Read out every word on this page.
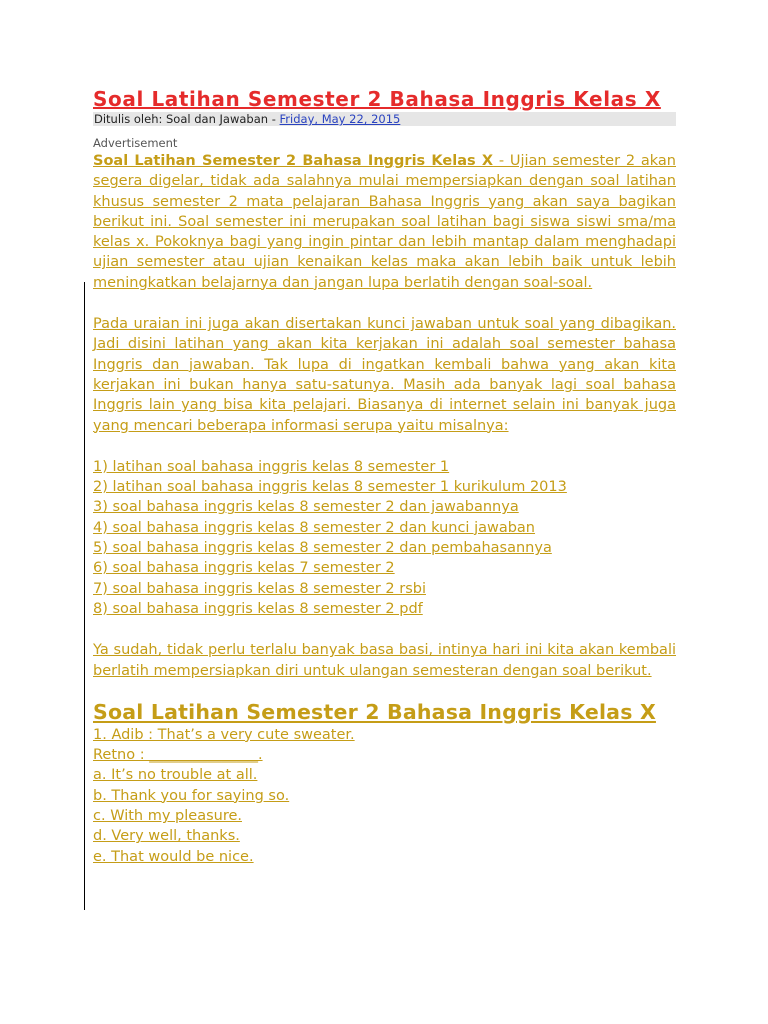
Soal Latihan Semester 2 Bahasa Inggris Kelas X
Ditulis oleh: Soal dan Jawaban - Friday, May 22, 2015
Advertisement

Soal Latihan Semester 2 Bahasa Inggris Kelas X - Ujian semester 2 akan segera digelar, tidak ada salahnya mulai mempersiapkan dengan soal latihan khusus semester 2 mata pelajaran Bahasa Inggris yang akan saya bagikan berikut ini. Soal semester ini merupakan soal latihan bagi siswa siswi sma/ma kelas x. Pokoknya bagi yang ingin pintar dan lebih mantap dalam menghadapi ujian semester atau ujian kenaikan kelas maka akan lebih baik untuk lebih meningkatkan belajarnya dan jangan lupa berlatih dengan soal-soal.

Pada uraian ini juga akan disertakan kunci jawaban untuk soal yang dibagikan. Jadi disini latihan yang akan kita kerjakan ini adalah soal semester bahasa Inggris dan jawaban. Tak lupa di ingatkan kembali bahwa yang akan kita kerjakan ini bukan hanya satu-satunya. Masih ada banyak lagi soal bahasa Inggris lain yang bisa kita pelajari. Biasanya di internet selain ini banyak juga yang mencari beberapa informasi serupa yaitu misalnya:

1) latihan soal bahasa inggris kelas 8 semester 1
2) latihan soal bahasa inggris kelas 8 semester 1 kurikulum 2013
3) soal bahasa inggris kelas 8 semester 2 dan jawabannya
4) soal bahasa inggris kelas 8 semester 2 dan kunci jawaban
5) soal bahasa inggris kelas 8 semester 2 dan pembahasannya
6) soal bahasa inggris kelas 7 semester 2
7) soal bahasa inggris kelas 8 semester 2 rsbi
8) soal bahasa inggris kelas 8 semester 2 pdf

Ya sudah, tidak perlu terlalu banyak basa basi, intinya hari ini kita akan kembali berlatih mempersiapkan diri untuk ulangan semesteran dengan soal berikut.

Soal Latihan Semester 2 Bahasa Inggris Kelas X
1. Adib : That’s a very cute sweater.
Retno : _______________.
a. It’s no trouble at all.
b. Thank you for saying so.
c. With my pleasure.
d. Very well, thanks.
e. That would be nice.
